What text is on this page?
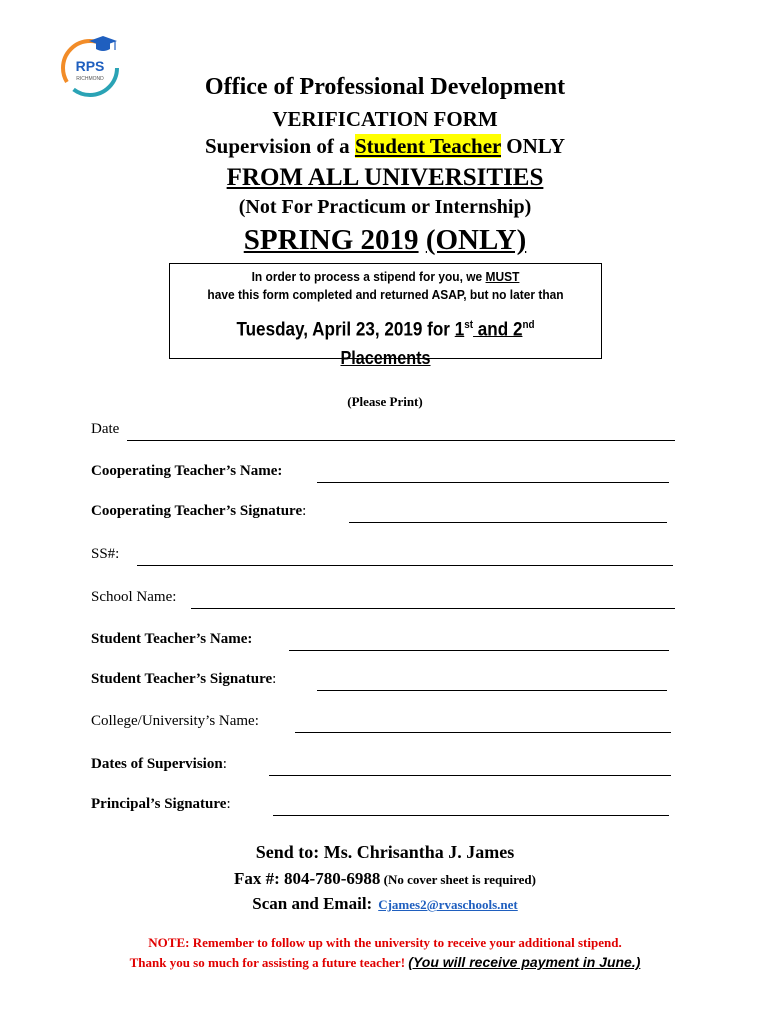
RPS
RICHMOND	Office of Professional Development
VERIFICATION FORM
Supervision of a Student Teacher ONLY
FROM ALL UNIVERSITIES
(Not For Practicum or Internship)
SPRING 2019 (ONLY)
In order to process a stipend for you, we MUST
have this form completed and returned ASAP, but no later than
Tuesday, April 23, 2019 for 1st and 2nd
Placements
(Please Print)
Date
Cooperating Teacher’s Name:
Cooperating Teacher’s Signature:
SS#:
School Name:
Student Teacher’s Name:
Student Teacher’s Signature:
College/University’s Name:
Dates of Supervision:
Principal’s Signature:
Send to: Ms. Chrisantha J. James
Fax #: 804-780-6988 (No cover sheet is required)
Scan and Email: Cjames2@rvaschools.net
NOTE: Remember to follow up with the university to receive your additional stipend.
Thank you so much for assisting a future teacher! (You will receive payment in June.)
